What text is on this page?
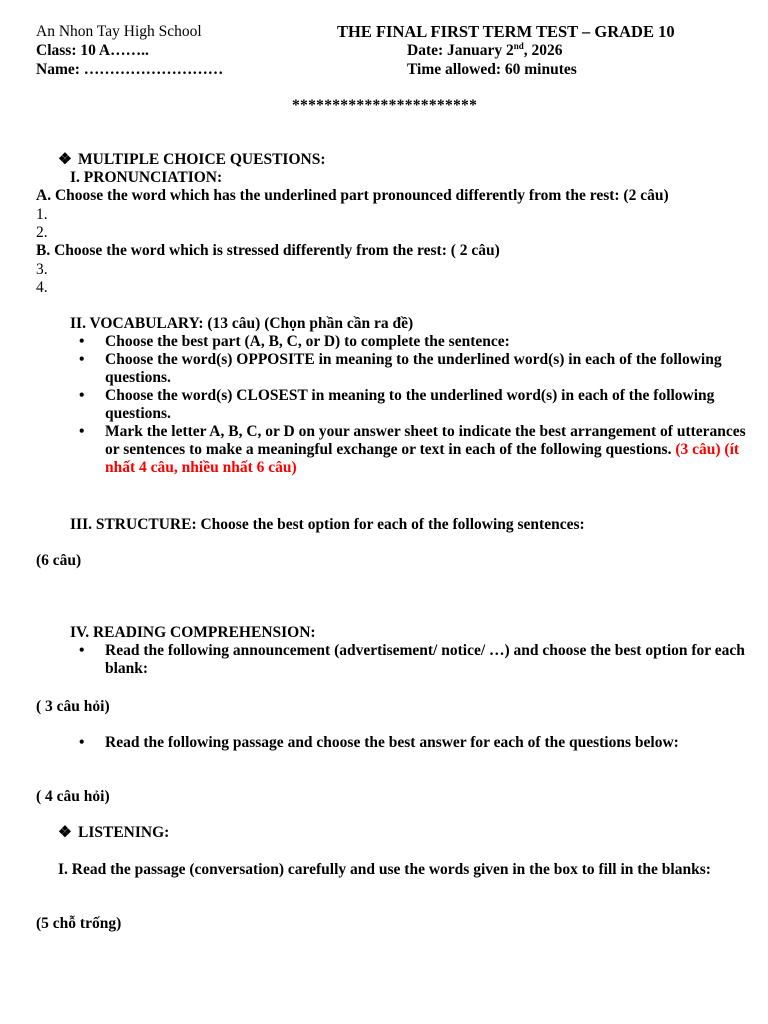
An Nhon Tay High School
Class: 10 A……..
Name: ………………………
THE FINAL FIRST TERM TEST – GRADE 10
Date: January 2nd, 2026
Time allowed: 60 minutes
***********************
❖ MULTIPLE CHOICE QUESTIONS:
I. PRONUNCIATION:
A. Choose the word which has the underlined part pronounced differently from the rest: (2 câu)
1.
2.
B. Choose the word which is stressed differently from the rest: ( 2 câu)
3.
4.
II. VOCABULARY: (13 câu) (Chọn phần cần ra đề)
• Choose the best part (A, B, C, or D) to complete the sentence:
• Choose the word(s) OPPOSITE in meaning to the underlined word(s) in each of the following questions.
• Choose the word(s) CLOSEST in meaning to the underlined word(s) in each of the following questions.
• Mark the letter A, B, C, or D on your answer sheet to indicate the best arrangement of utterances or sentences to make a meaningful exchange or text in each of the following questions. (3 câu) (ít nhất 4 câu, nhiều nhất 6 câu)
III. STRUCTURE: Choose the best option for each of the following sentences:
(6 câu)
IV. READING COMPREHENSION:
• Read the following announcement (advertisement/ notice/ …) and choose the best option for each blank:
( 3 câu hỏi)
• Read the following passage and choose the best answer for each of the questions below:
( 4 câu hỏi)
❖ LISTENING:
I. Read the passage (conversation) carefully and use the words given in the box to fill in the blanks:
(5 chỗ trống)
